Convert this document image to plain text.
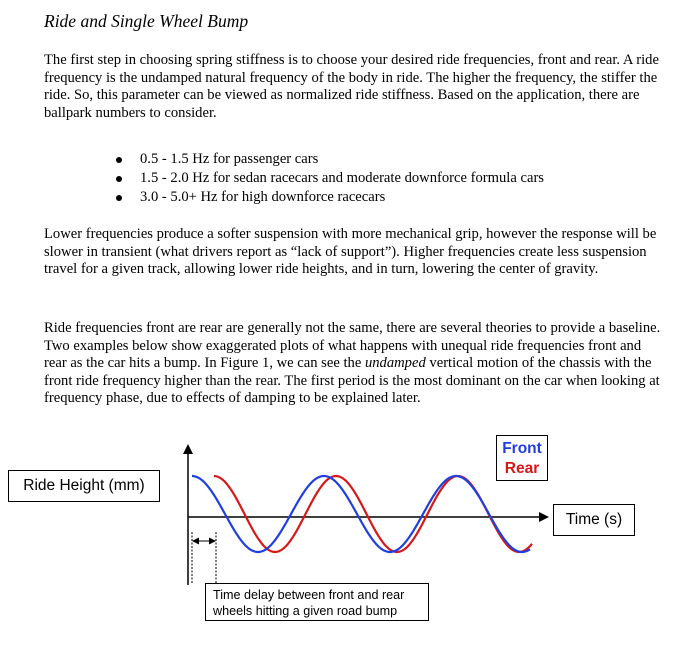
Ride and Single Wheel Bump

The first step in choosing spring stiffness is to choose your desired ride frequencies, front and rear. A ride frequency is the undamped natural frequency of the body in ride. The higher the frequency, the stiffer the ride. So, this parameter can be viewed as normalized ride stiffness. Based on the application, there are ballpark numbers to consider.

0.5 - 1.5 Hz for passenger cars
1.5 - 2.0 Hz for sedan racecars and moderate downforce formula cars
3.0 - 5.0+ Hz for high downforce racecars

Lower frequencies produce a softer suspension with more mechanical grip, however the response will be slower in transient (what drivers report as “lack of support”). Higher frequencies create less suspension travel for a given track, allowing lower ride heights, and in turn, lowering the center of gravity.

Ride frequencies front are rear are generally not the same, there are several theories to provide a baseline. Two examples below show exaggerated plots of what happens with unequal ride frequencies front and rear as the car hits a bump. In Figure 1, we can see the undamped vertical motion of the chassis with the front ride frequency higher than the rear. The first period is the most dominant on the car when looking at frequency phase, due to effects of damping to be explained later.

Ride Height (mm)
Time (s)
Front
Rear
Time delay between front and rear wheels hitting a given road bump
